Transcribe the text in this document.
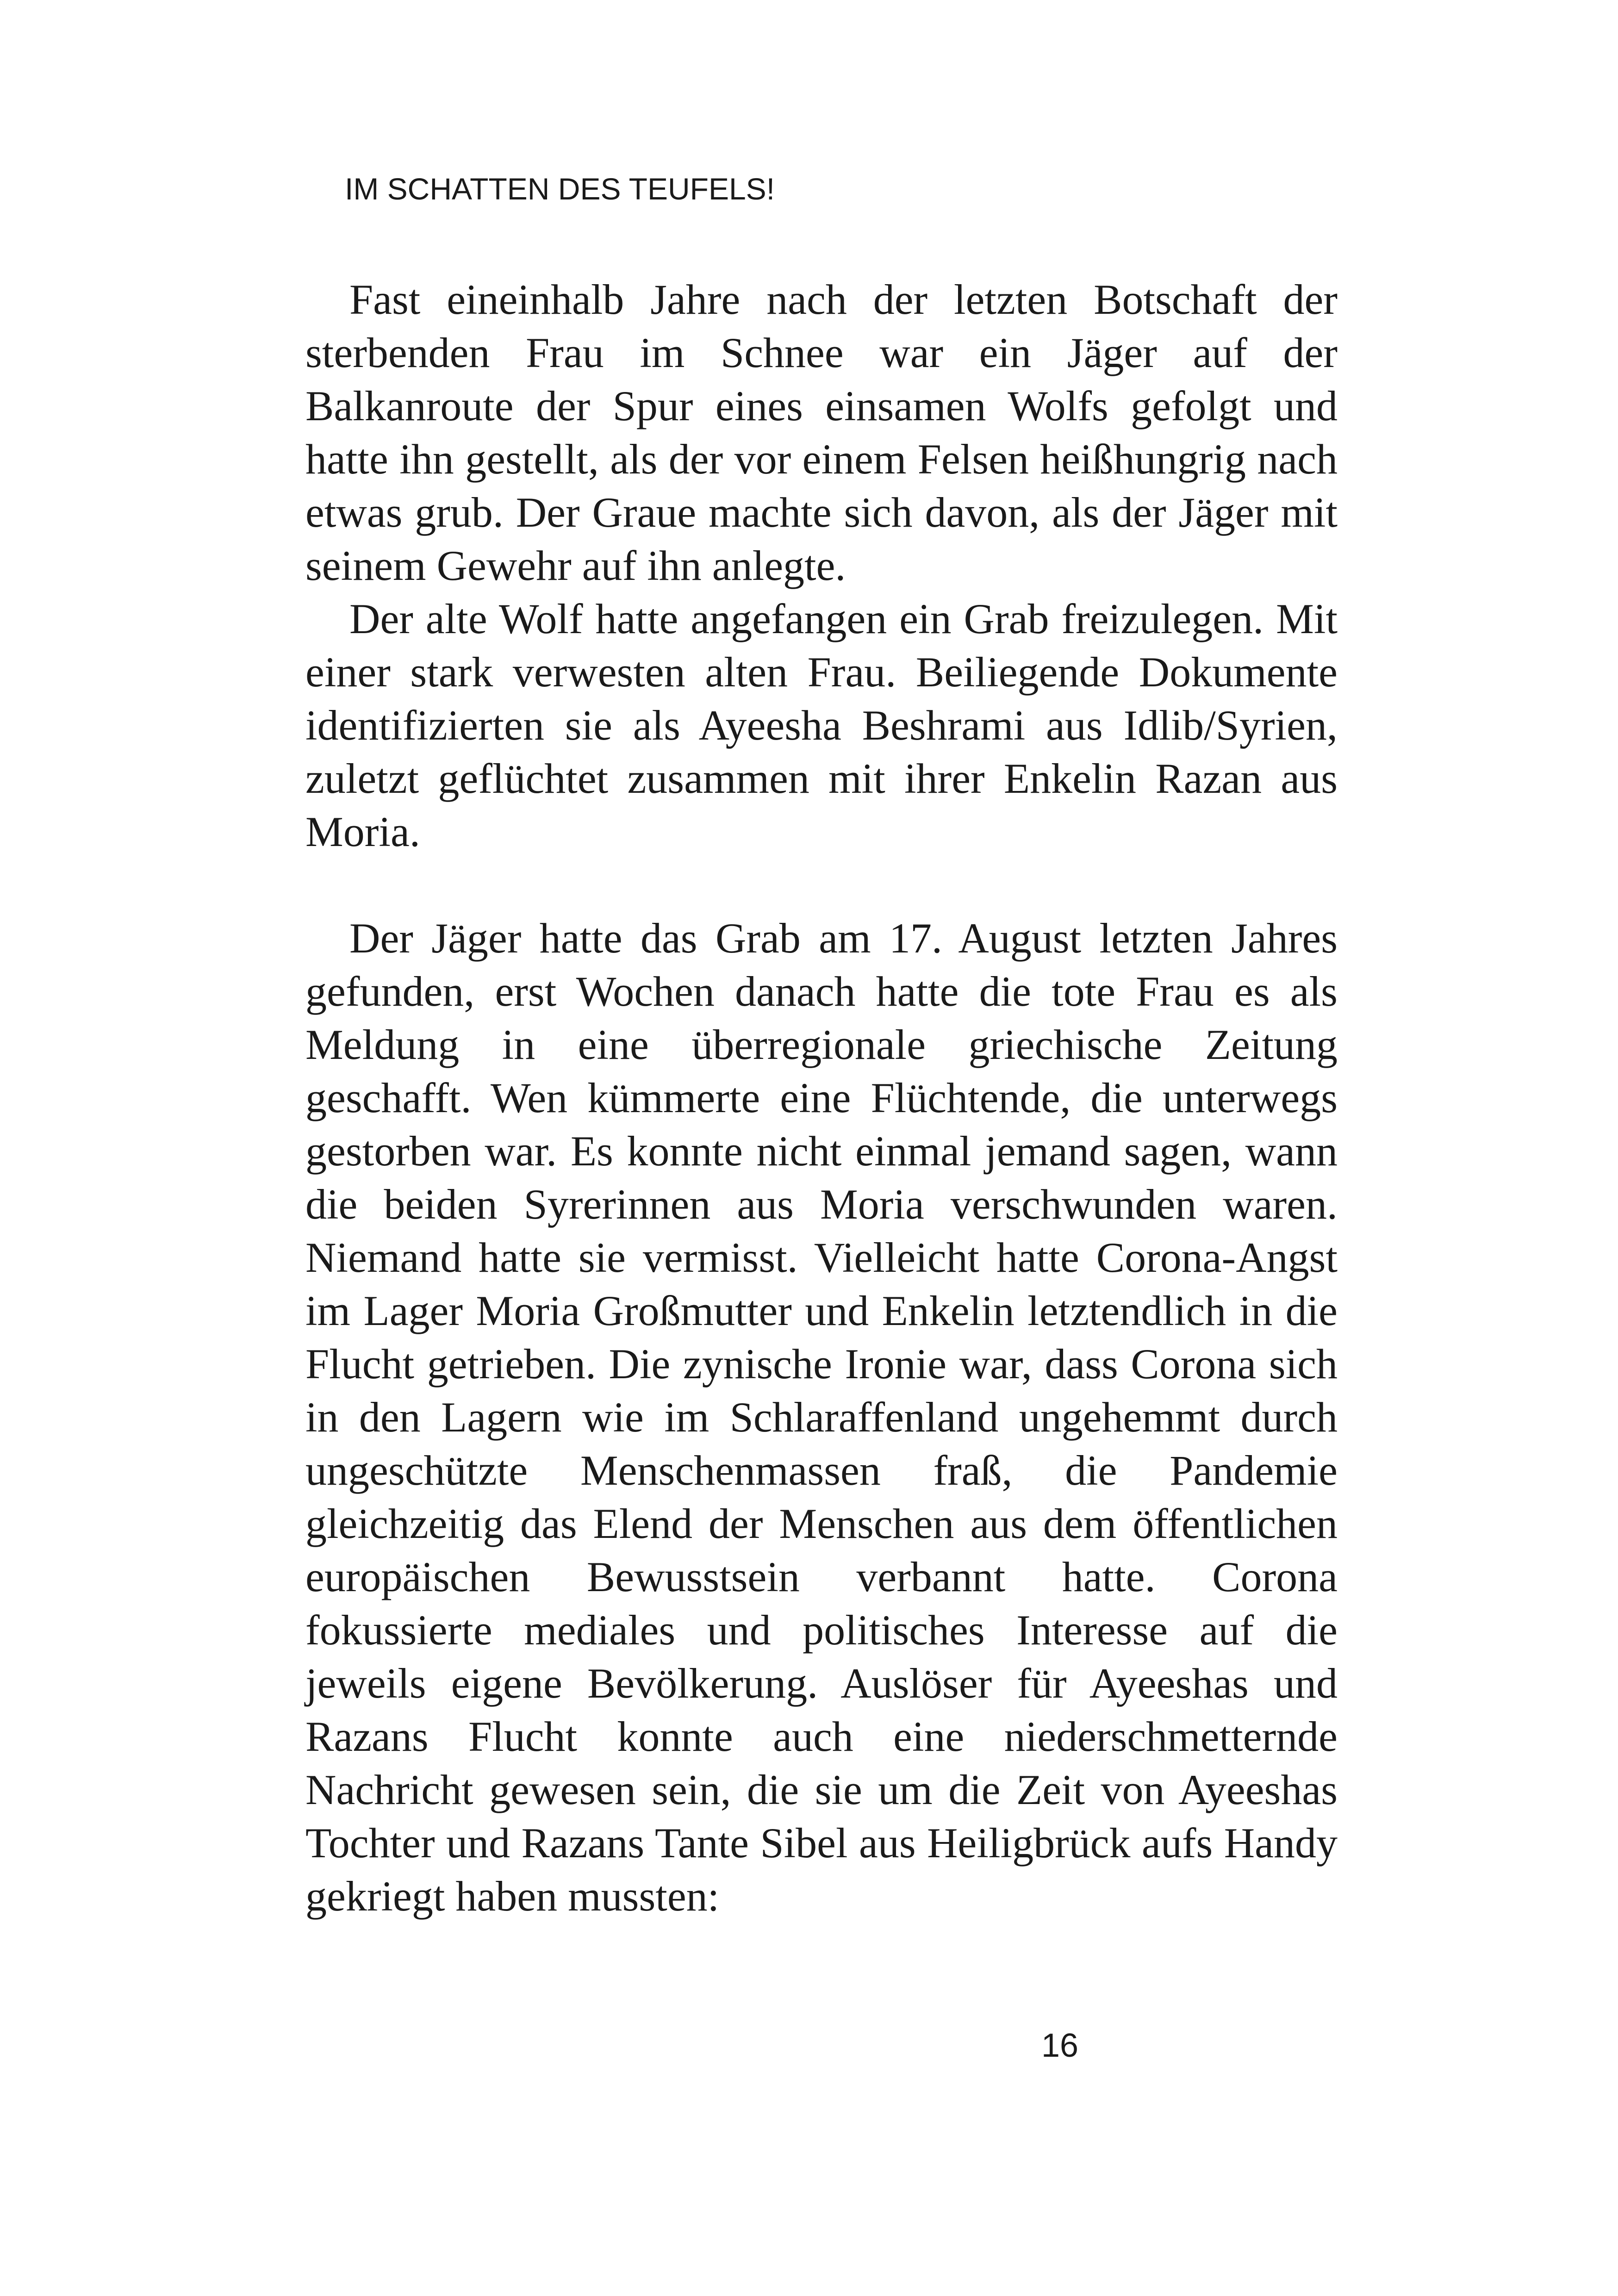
IM SCHATTEN DES TEUFELS!

Fast eineinhalb Jahre nach der letzten Botschaft der sterbenden Frau im Schnee war ein Jäger auf der Balkanroute der Spur eines einsamen Wolfs gefolgt und hatte ihn gestellt, als der vor einem Felsen heißhungrig nach etwas grub. Der Graue machte sich davon, als der Jäger mit seinem Gewehr auf ihn anlegte.

Der alte Wolf hatte angefangen ein Grab freizulegen. Mit einer stark verwesten alten Frau. Beiliegende Dokumente identifizierten sie als Ayeesha Beshrami aus Idlib/Syrien, zuletzt geflüchtet zusammen mit ihrer Enkelin Razan aus Moria.

Der Jäger hatte das Grab am 17. August letzten Jahres gefunden, erst Wochen danach hatte die tote Frau es als Meldung in eine überregionale griechische Zeitung geschafft. Wen kümmerte eine Flüchtende, die unterwegs gestorben war. Es konnte nicht einmal jemand sagen, wann die beiden Syrerinnen aus Moria verschwunden waren. Niemand hatte sie vermisst. Vielleicht hatte Corona-Angst im Lager Moria Großmutter und Enkelin letztendlich in die Flucht getrieben. Die zynische Ironie war, dass Corona sich in den Lagern wie im Schlaraffenland ungehemmt durch ungeschützte Menschenmassen fraß, die Pandemie gleichzeitig das Elend der Menschen aus dem öffentlichen europäischen Bewusstsein verbannt hatte. Corona fokussierte mediales und politisches Interesse auf die jeweils eigene Bevölkerung. Auslöser für Ayeeshas und Razans Flucht konnte auch eine niederschmetternde Nachricht gewesen sein, die sie um die Zeit von Ayeeshas Tochter und Razans Tante Sibel aus Heiligbrück aufs Handy gekriegt haben mussten:

16
